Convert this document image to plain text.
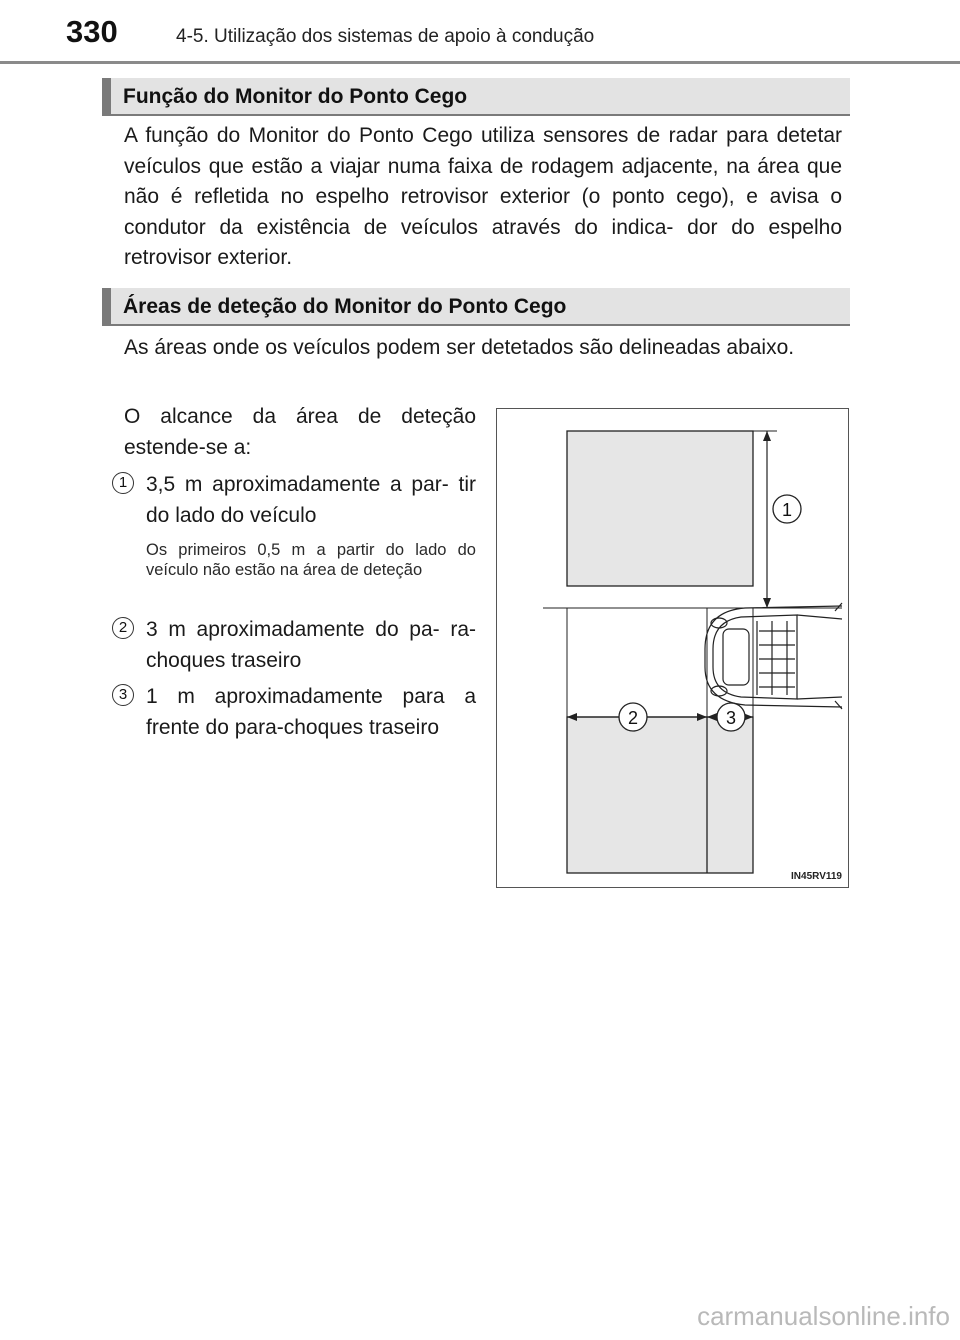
330	4-5. Utilização dos sistemas de apoio à condução
Função do Monitor do Ponto Cego
A função do Monitor do Ponto Cego utiliza sensores de radar para detetar veículos que estão a viajar numa faixa de rodagem adjacente, na área que não é refletida no espelho retrovisor exterior (o ponto cego), e avisa o condutor da existência de veículos através do indica- dor do espelho retrovisor exterior.
Áreas de deteção do Monitor do Ponto Cego
As áreas onde os veículos podem ser detetados são delineadas abaixo.
O alcance da área de deteção estende-se a:
1 3,5 m aproximadamente a par- tir do lado do veículo
Os primeiros 0,5 m a partir do lado do veículo não estão na área de deteção
2 3 m aproximadamente do pa- ra-choques traseiro
3 1 m aproximadamente para a frente do para-choques traseiro
1
2	3
IN45RV119
carmanualsonline.info
